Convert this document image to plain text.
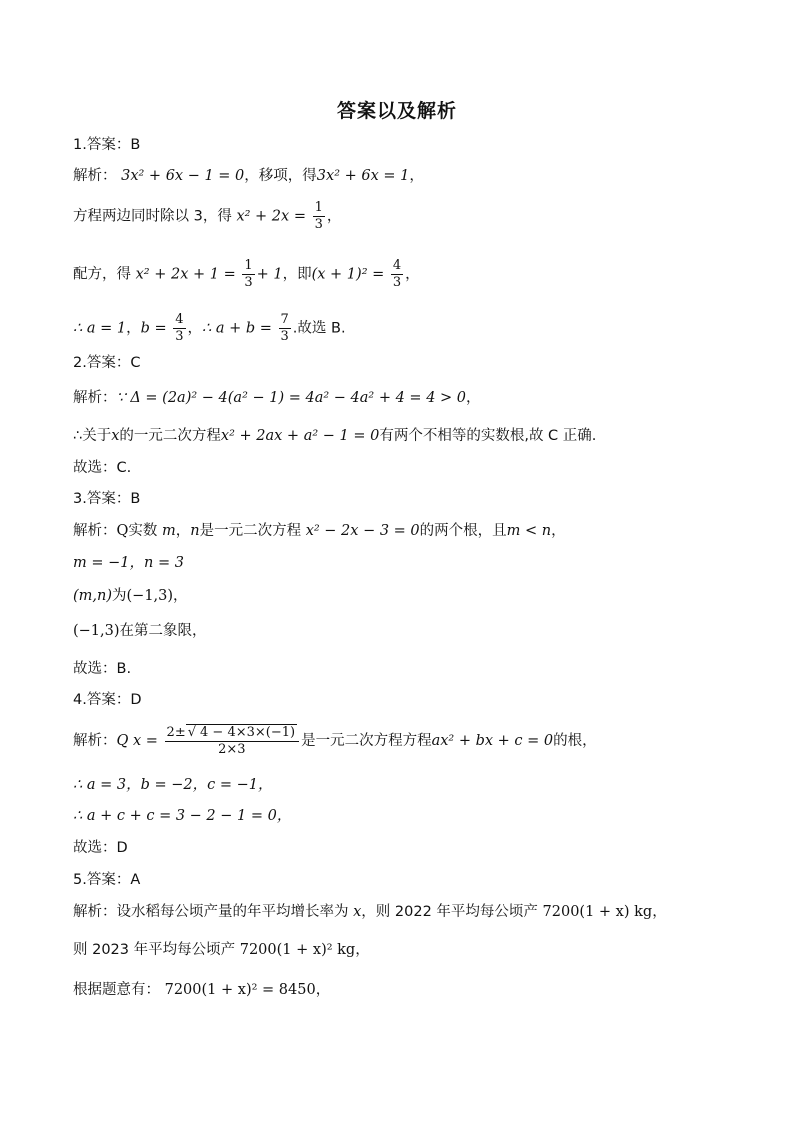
答案以及解析
1.答案：B
解析： 3x² + 6x − 1 = 0，移项，得3x² + 6x = 1，
方程两边同时除以 3，得 $x^2 + 2x = \frac{1}{3}$ ，
配方，得 $x^2 + 2x + 1 = \frac{1}{3} + 1$，即$(x + 1)^2 = \frac{4}{3}$ ，
∴ a = 1，$b = \frac{4}{3}$ ，∴ $a + b = \frac{7}{3}$ .故选 B.
2.答案：C
解析：∵ Δ = (2a)² − 4(a² − 1) = 4a² − 4a² + 4 = 4 > 0，
∴关于x的一元二次方程x² + 2ax + a² − 1 = 0有两个不相等的实数根,故 C 正确.
故选：C.
3.答案：B
解析：Q实数 m，n是一元二次方程 x² − 2x − 3 = 0的两个根，且m < n，
m = −1，n = 3
(m,n)为(−1,3)，
(−1,3)在第二象限，
故选：B.
4.答案：D
解析：Q $x = \frac{2\pm √ 4 - 4\times 3\times(-1)}{2\times 3}$ 是一元二次方程方程ax² + bx + c = 0的根，
∴ a = 3，b = −2，c = −1，
∴ a + c + c = 3 − 2 − 1 = 0，
故选：D
5.答案：A
解析：设水稻每公顷产量的年平均增长率为 x，则 2022 年平均每公顷产 7200(1 + x) kg，
则 2023 年平均每公顷产 7200(1 + x)² kg，
根据题意有： 7200(1 + x)² = 8450，
